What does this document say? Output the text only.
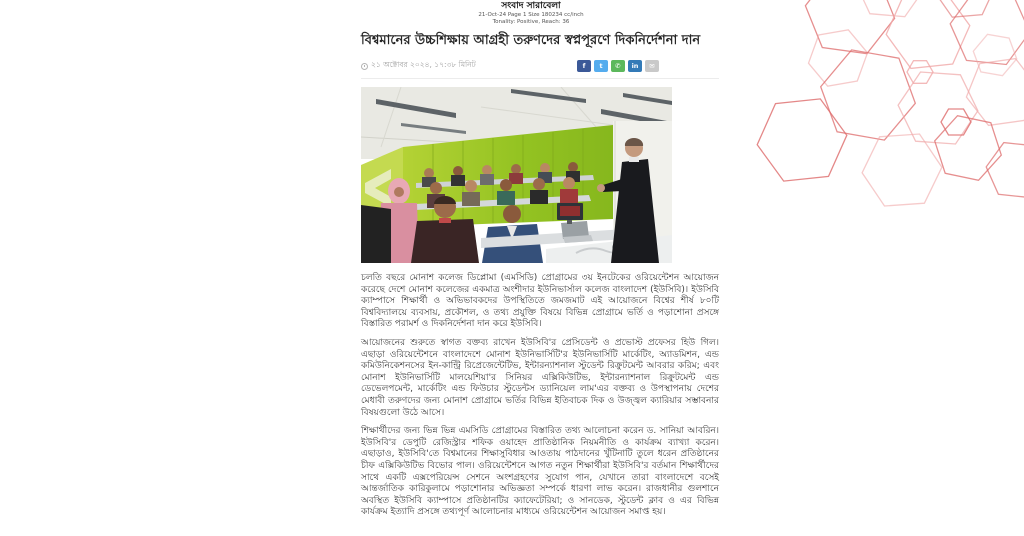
সংবাদ সারাবেলা
21-Oct-24 Page 1 Size 180234 cc/inch
Tonality: Positive, Reach: 36
বিশ্বমানের উচ্চশিক্ষায় আগ্রহী তরুণদের স্বপ্নপূরণে দিকনির্দেশনা দান
২১ অক্টোবর ২০২৪, ১৭:৩৮ মিনিট	f	t	✆	in	✉

চলতি বছরে মোনাশ কলেজ ডিপ্লোমা (এমসিডি) প্রোগ্রামের ৩য় ইনটেকের ওরিয়েন্টেশন আয়োজন করেছে দেশে মোনাশ কলেজের একমাত্র অংশীদার ইউনিভার্সাল কলেজ বাংলাদেশ (ইউসিবি)। ইউসিবি ক্যাম্পাসে শিক্ষার্থী ও অভিভাবকদের উপস্থিতিতে জমজমাট এই আয়োজনে বিশ্বের শীর্ষ ৮০টি বিশ্ববিদ্যালয়ে ব্যবসায়, প্রকৌশল, ও তথ্য প্রযুক্তি বিষয়ে বিভিন্ন প্রোগ্রামে ভর্তি ও পড়াশোনা প্রসঙ্গে বিস্তারিত পরামর্শ ও দিকনির্দেশনা দান করে ইউসিবি।

আয়োজনের শুরুতে স্বাগত বক্তব্য রাখেন ইউসিবি'র প্রেসিডেন্ট ও প্রভোস্ট প্রফেসর হিউ গিল। এছাড়া ওরিয়েন্টেশনে বাংলাদেশে মোনাশ ইউনিভার্সিটি'র ইউনিভার্সিটি মার্কেটিং, অ্যাডমিশন, এন্ড কমিউনিকেশনসের ইন-কান্ট্রি রিপ্রেজেন্টেটিভ, ইন্টারন্যাশনাল স্টুডেন্ট রিক্রুটমেন্ট আবরার করিম; এবং মোনাশ ইউনিভার্সিটি মালয়েশিয়া'র সিনিয়র এক্সিকিউটিভ, ইন্টারন্যাশনাল রিক্রুটমেন্ট এন্ড ডেভেলপমেন্ট, মার্কেটিং এন্ড ফিউচার স্টুডেন্টস ড্যানিয়েল লাম'এর বক্তব্য ও উপস্থাপনায় দেশের মেধাবী তরুণদের জন্য মোনাশ প্রোগ্রামে ভর্তির বিভিন্ন ইতিবাচক দিক ও উজ্জ্বল ক্যারিয়ার সম্ভাবনার বিষয়গুলো উঠে আসে।

শিক্ষার্থীদের জন্য ভিন্ন ভিন্ন এমসিডি প্রোগ্রামের বিস্তারিত তথ্য আলোচনা করেন ড. সানিয়া আবরিন। ইউসিবি'র ডেপুটি রেজিস্ট্রার শফিক ওয়াহেদ প্রাতিষ্ঠানিক নিয়মনীতি ও কার্যক্রম ব্যাখ্যা করেন। এছাড়াও, ইউসিবি'তে বিশ্বমানের শিক্ষাসুবিধার আওতায় পাঠদানের খুঁটিনাটি তুলে ধরেন প্রতিষ্ঠানের চীফ এক্সিকিউটিভ বিভোর পাল। ওরিয়েন্টেশনে আগত নতুন শিক্ষার্থীরা ইউসিবি'র বর্তমান শিক্ষার্থীদের সাথে একটি এক্সপেরিয়েন্স সেশনে অংশগ্রহণের সুযোগ পান, যেখানে তারা বাংলাদেশে বসেই আন্তর্জাতিক কারিকুলামে পড়াশোনার অভিজ্ঞতা সম্পর্কে ধারণা লাভ করেন। রাজধানীর গুলশানে অবস্থিত ইউসিবি ক্যাম্পাসে প্রতিষ্ঠানটির ক্যাফেটেরিয়া; ও সানডেক, স্টুডেন্ট ক্লাব ও এর বিভিন্ন কার্যক্রম ইত্যাদি প্রসঙ্গে তথ্যপূর্ণ আলোচনার মাধ্যমে ওরিয়েন্টেশন আয়োজন সমাপ্ত হয়।
